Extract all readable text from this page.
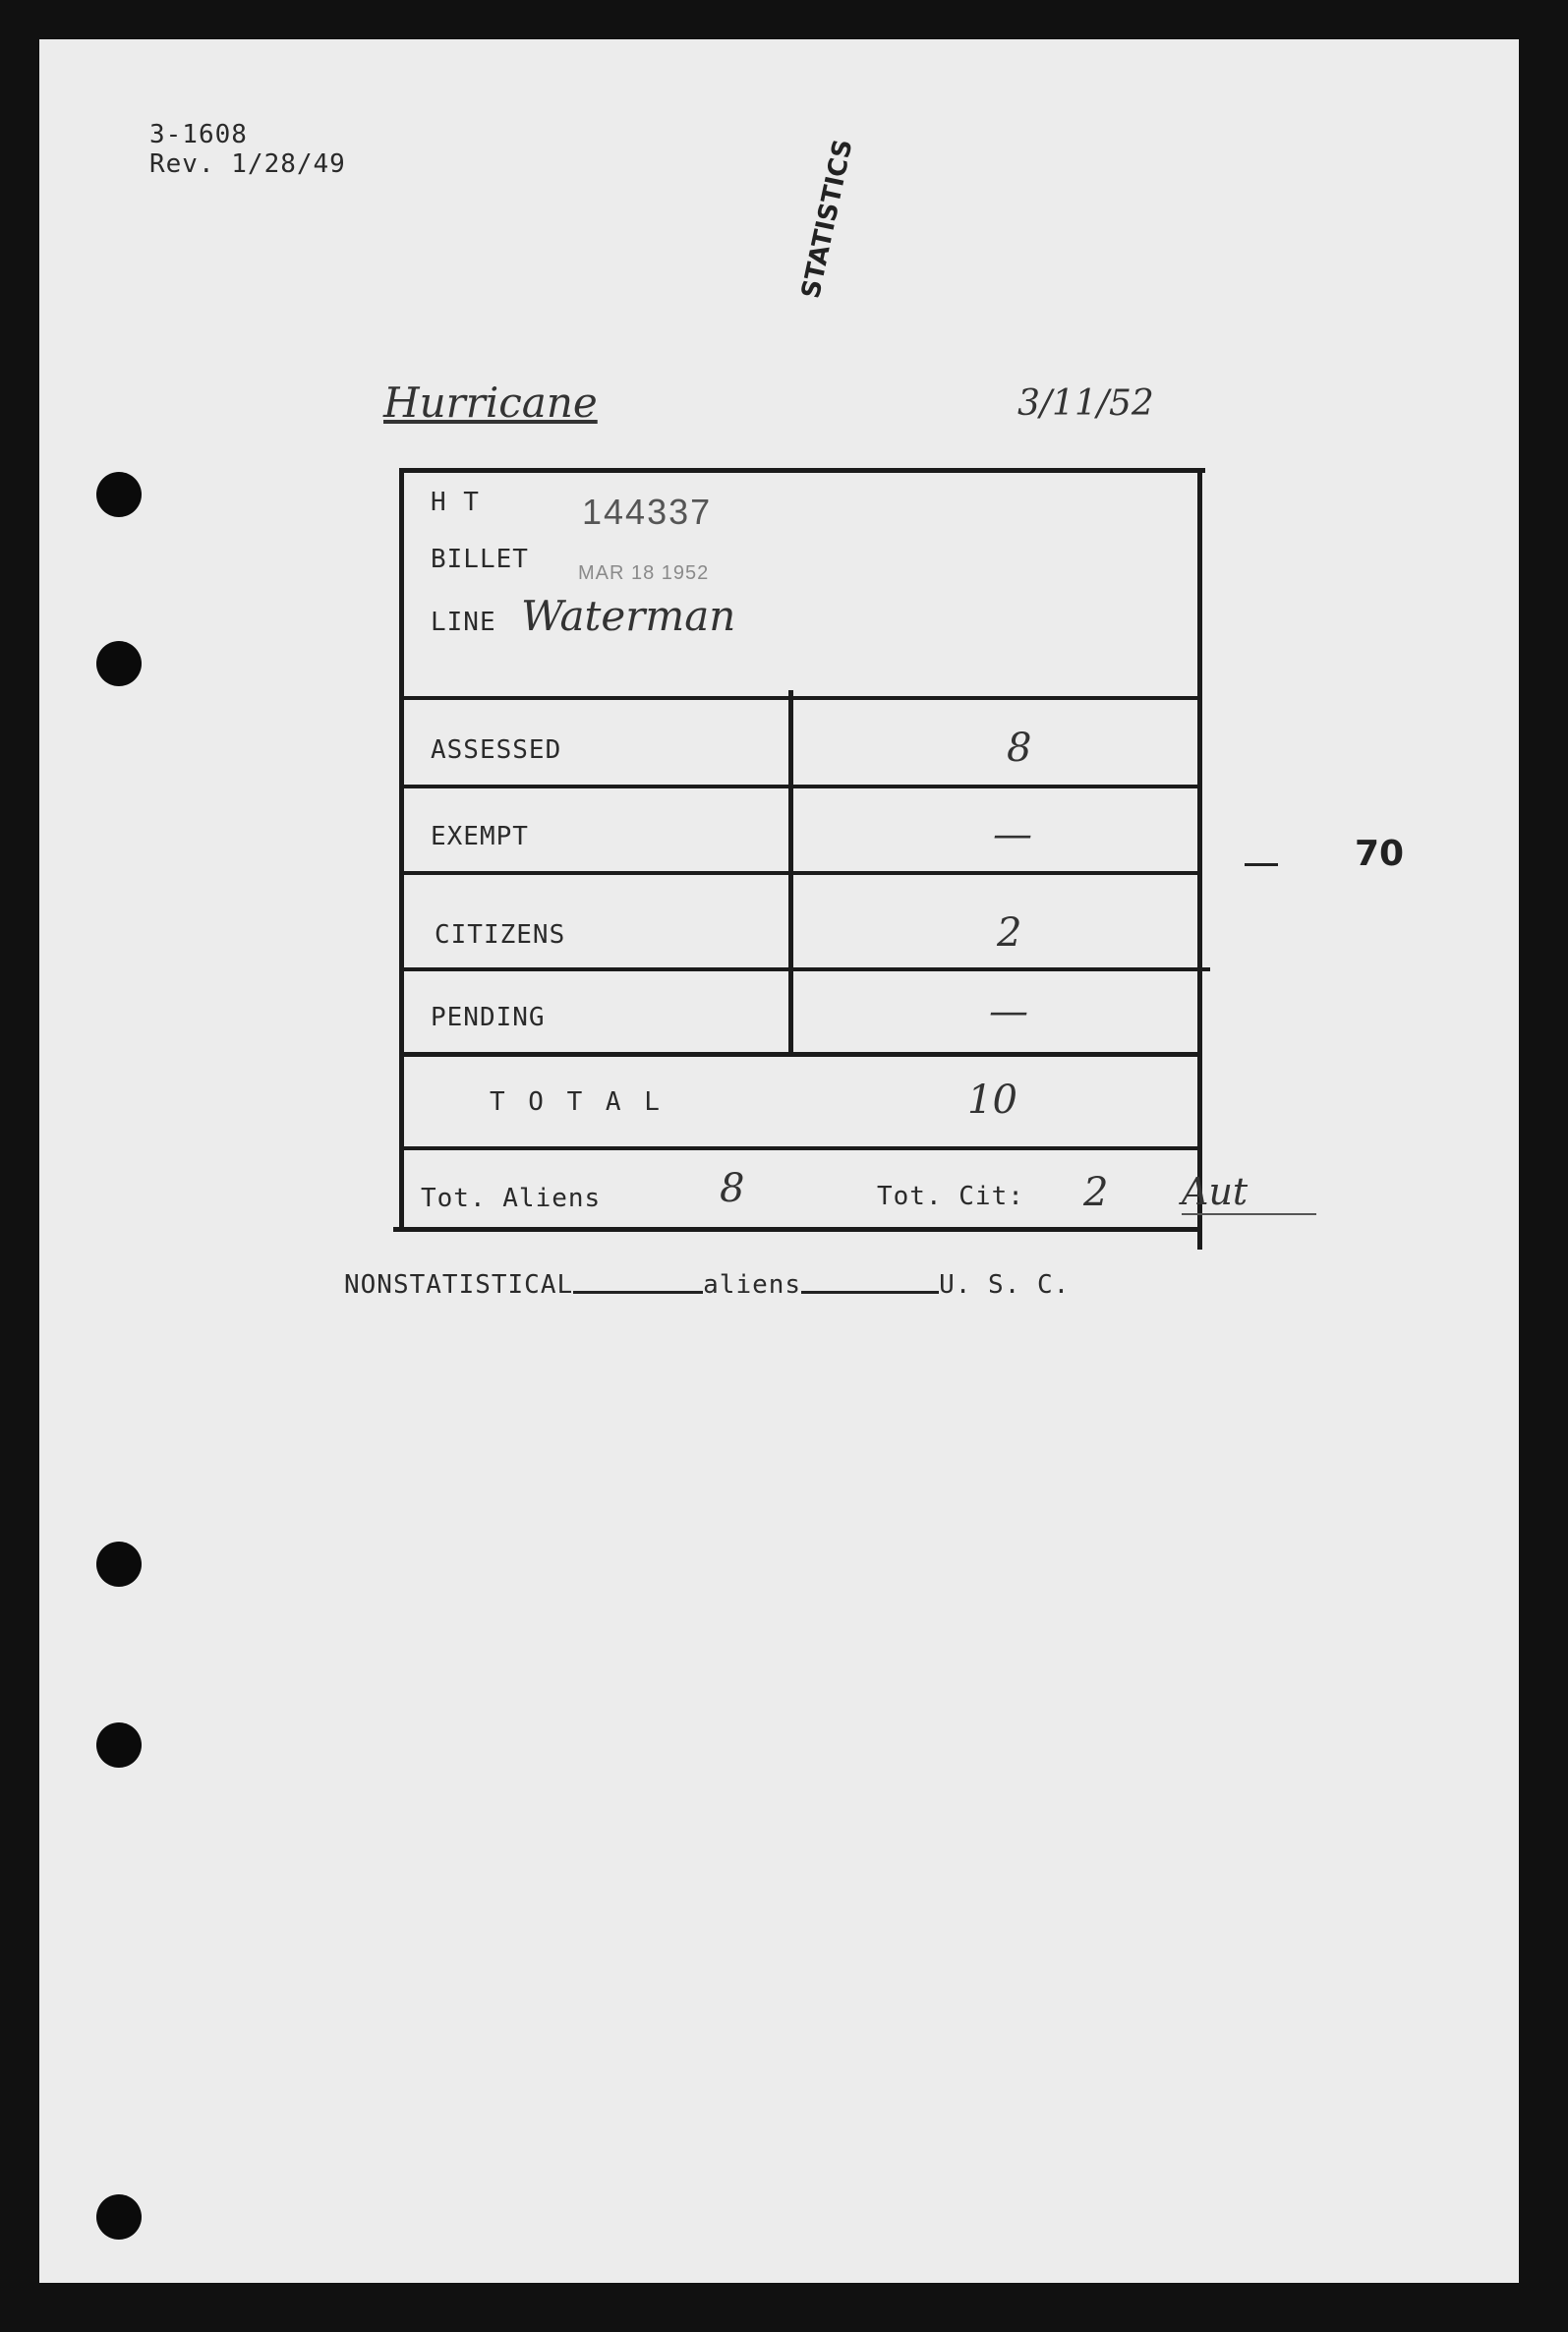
3-1608
Rev. 1/28/49	STATISTICS
Hurricane	3/11/52
H T	144337
BILLET	MAR 18 1952
LINE Waterman
ASSESSED	8
EXEMPT	—
CITIZENS	2
PENDING	—
T O T A L	10
Tot. Aliens	8	Tot. Cit: 2 Aut
NONSTATISTICAL	aliens	U. S. C.
70
